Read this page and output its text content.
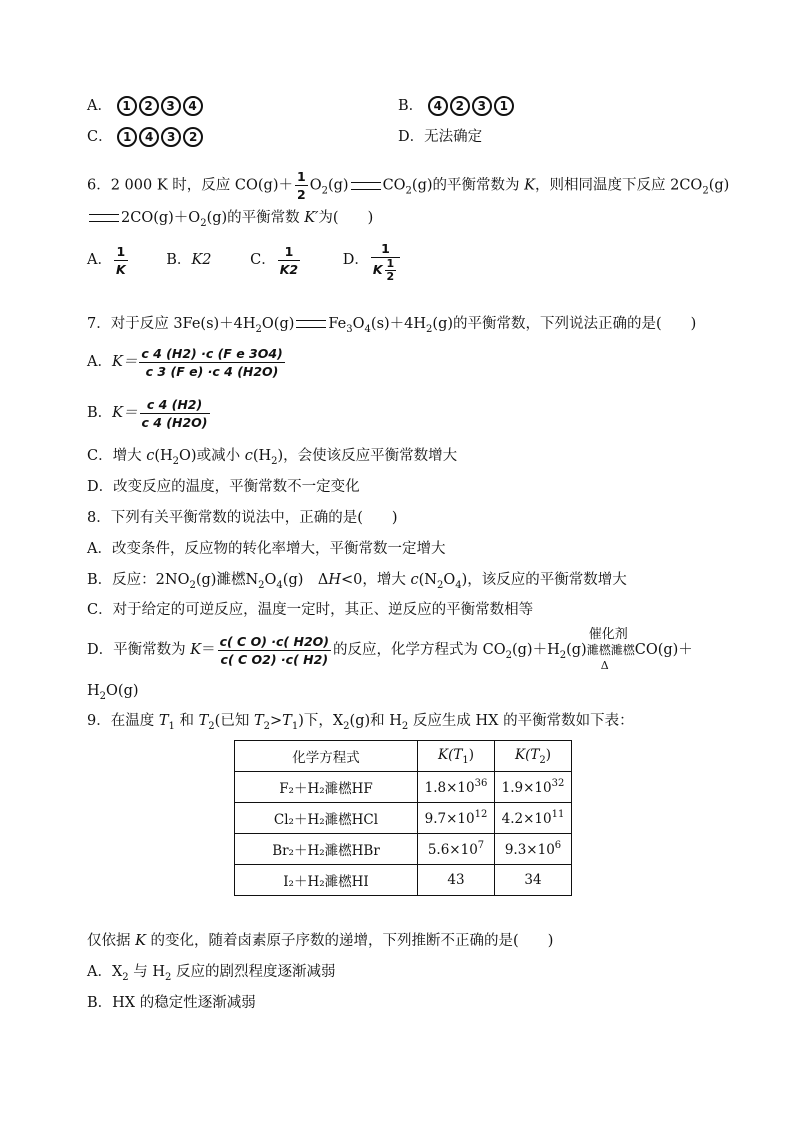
A． 1 2 3 4	B． 4 2 3 1
C． 1 4 3 2	D．无法确定
6．2 000 K 时，反应 $CO(g)+ \frac{1}{2} O_2(g)$ $CO_2(g)$的平衡常数为 K，则相同温度下反应 $2CO_2(g)$
$2CO(g)+O_2(g)$的平衡常数 K′为(　　)
A． $\frac{1}{K}$	B．K2	C． $\frac{1}{K2}$	D． $\frac{1}{K \frac{1}{2}}$
7．对于反应 $3Fe(s)+4H_2O(g)$ $Fe_3O_4(s)+4H_2(g)$的平衡常数，下列说法正确的是(　　)
A．$K= \frac{\text{c 4 (H2) ·c (F e 3O4)}}{\text{c 3 (F e) ·c 4 (H2O)}}$
B．$K= \frac{c 4 (H2)}{c 4 (H2O)}$
C．增大 $c(H_2O)$或减小 $c(H_2)$，会使该反应平衡常数增大
D．改变反应的温度，平衡常数不一定变化
8．下列有关平衡常数的说法中，正确的是(　　)
A．改变条件，反应物的转化率增大，平衡常数一定增大
B．反应：$2NO_2(g)$濉橪$N_2O_4(g)$　ΔH<0，增大 $c(N_2O_4)$，该反应的平衡常数增大
C．对于给定的可逆反应，温度一定时，其正、逆反应的平衡常数相等
D．平衡常数为 $K= \frac{\text{c( C O) ·c( H2O)}}{\text{c( C O2) ·c( H2)}}$ 的反应，化学方程式为 $CO_2(g)+H_2(g)$
催化剂
濉橪濉橪
Δ
CO(g)＋
$H_2O(g)$
9．在温度 $T_1$ 和 $T_2$(已知 $T_2>T_1$)下，$X_2(g)$和 $H_2$ 反应生成 HX 的平衡常数如下表：
化学方程式	$K(T_1)$	$K(T_2)$
F₂＋H₂濉橪HF	$1.8\times 10^{36}$	$1.9\times 10^{32}$
Cl₂＋H₂濉橪HCl	$9.7\times 10^{12}$	$4.2\times 10^{11}$
Br₂＋H₂濉橪HBr	$5.6\times 10^7$	$9.3\times 10^6$
I₂＋H₂濉橪HI	43	34
仅依据 K 的变化，随着卤素原子序数的递增，下列推断不正确的是(　　)
A．$X_2$ 与 $H_2$ 反应的剧烈程度逐渐减弱
B．HX 的稳定性逐渐减弱
